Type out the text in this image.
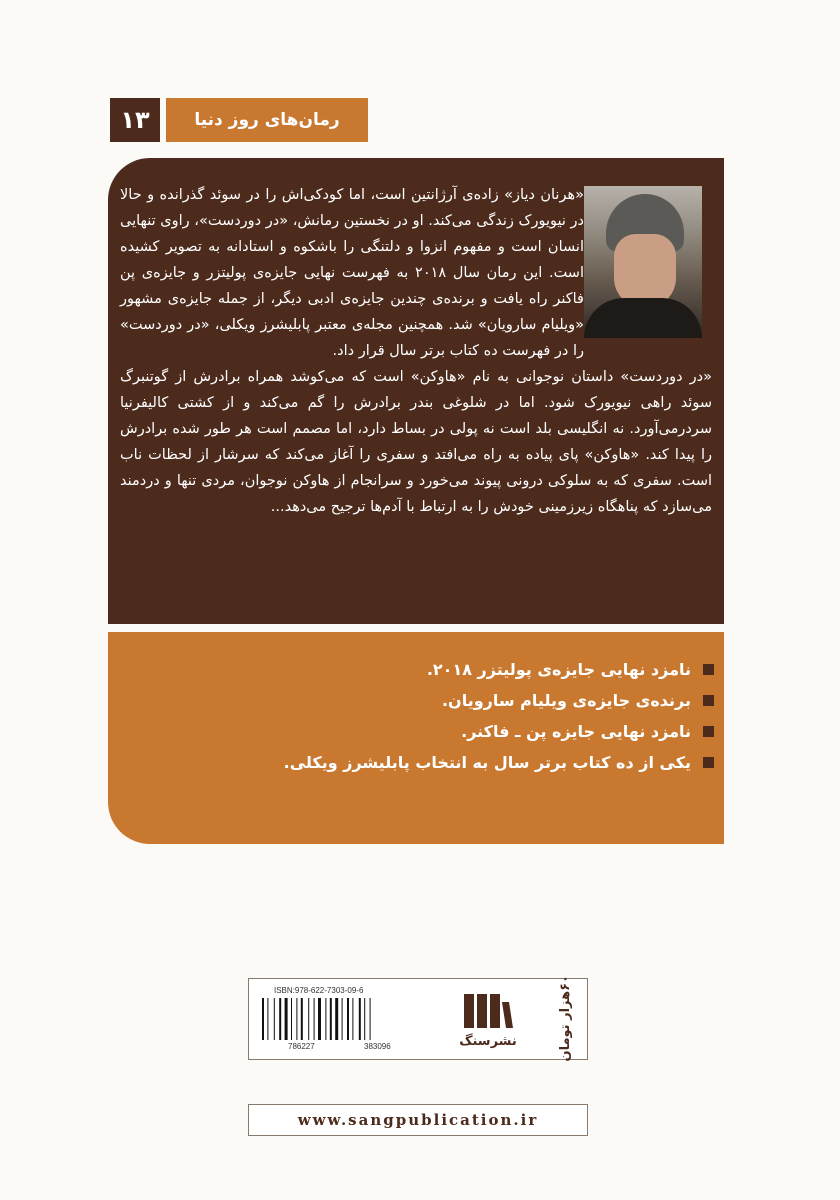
۱۳	رمان‌های روز دنیا

«هرنان دیاز» زاده‌ی آرژانتین است، اما کودکی‌اش را در سوئد گذرانده و حالا در نیویورک زندگی می‌کند. او در نخستین رمانش، «در دوردست»، راوی تنهایی انسان است و مفهوم انزوا و دلتنگی را باشکوه و استادانه به تصویر کشیده است. این رمان سال ۲۰۱۸ به فهرست نهایی جایزه‌ی پولیتزر و جایزه‌ی پن فاکنر راه یافت و برنده‌ی چندین جایزه‌ی ادبی دیگر، از جمله جایزه‌ی مشهور «ویلیام سارویان» شد. همچنین مجله‌ی معتبر پابلیشرز ویکلی، «در دوردست» را در فهرست ده کتاب برتر سال قرار داد.

«در دوردست» داستان نوجوانی به نام «هاوکن» است که می‌کوشد همراه برادرش از گوتنبرگ سوئد راهی نیویورک شود. اما در شلوغی بندر برادرش را گم می‌کند و از کشتی کالیفرنیا سردرمی‌آورد. نه انگلیسی بلد است نه پولی در بساط دارد، اما مصمم است هر طور شده برادرش را پیدا کند. «هاوکن» پای پیاده به راه می‌افتد و سفری را آغاز می‌کند که سرشار از لحظات ناب است. سفری که به سلوکی درونی پیوند می‌خورد و سرانجام از هاوکن نوجوان، مردی تنها و دردمند می‌سازد که پناهگاه زیرزمینی خودش را به ارتباط با آدم‌ها ترجیح می‌دهد...

نامزد نهایی جایزه‌ی پولیتزر ۲۰۱۸.
برنده‌ی جایزه‌ی ویلیام سارویان.
نامزد نهایی جایزه پن ـ فاکنر.
یکی از ده کتاب برتر سال به انتخاب پابلیشرز ویکلی.
۶۰هزار تومان
نشرسنگ
ISBN:978-622-7303-09-6
786227	383096
www.sangpublication.ir
